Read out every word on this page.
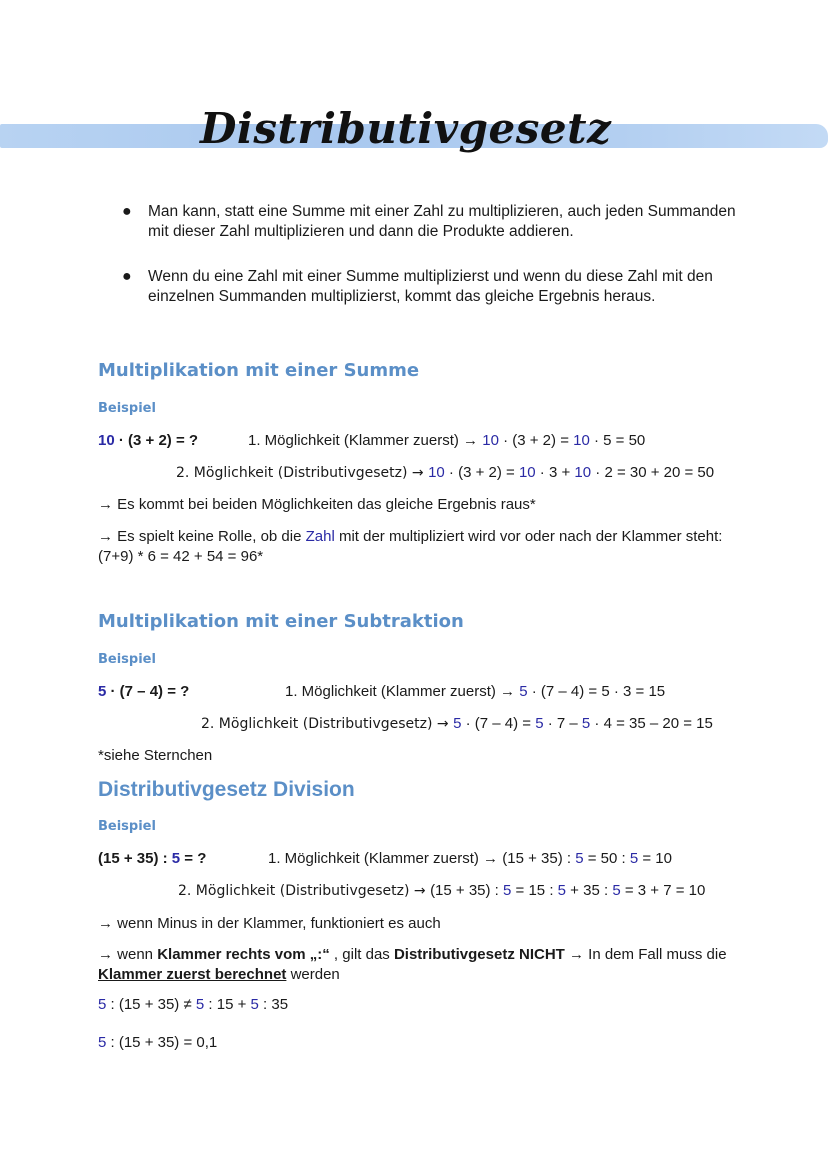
Distributivgesetz
● Man kann, statt eine Summe mit einer Zahl zu multiplizieren, auch jeden Summanden mit dieser Zahl multiplizieren und dann die Produkte addieren.
● Wenn du eine Zahl mit einer Summe multiplizierst und wenn du diese Zahl mit den einzelnen Summanden multiplizierst, kommt das gleiche Ergebnis heraus.
Multiplikation mit einer Summe
Beispiel
10 · (3 + 2) = ?	1. Möglichkeit (Klammer zuerst) → 10 · (3 + 2) = 10 · 5 = 50
2. Möglichkeit (Distributivgesetz) → 10 · (3 + 2) = 10 · 3 + 10 · 2 = 30 + 20 = 50
→ Es kommt bei beiden Möglichkeiten das gleiche Ergebnis raus*
→ Es spielt keine Rolle, ob die Zahl mit der multipliziert wird vor oder nach der Klammer steht: (7+9) * 6 = 42 + 54 = 96*
Multiplikation mit einer Subtraktion
Beispiel
5 · (7 – 4) = ?	1. Möglichkeit (Klammer zuerst) → 5 · (7 – 4) = 5 · 3 = 15
2. Möglichkeit (Distributivgesetz) → 5 · (7 – 4) = 5 · 7 – 5 · 4 = 35 – 20 = 15
*siehe Sternchen
Distributivgesetz Division
Beispiel
(15 + 35) : 5 = ?	1. Möglichkeit (Klammer zuerst) → (15 + 35) : 5 = 50 : 5 = 10
2. Möglichkeit (Distributivgesetz) → (15 + 35) : 5 = 15 : 5 + 35 : 5 = 3 + 7 = 10
→ wenn Minus in der Klammer, funktioniert es auch
→ wenn Klammer rechts vom „:“ , gilt das Distributivgesetz NICHT → In dem Fall muss die Klammer zuerst berechnet werden
5 : (15 + 35) ≠ 5 : 15 + 5 : 35
5 : (15 + 35) = 0,1
